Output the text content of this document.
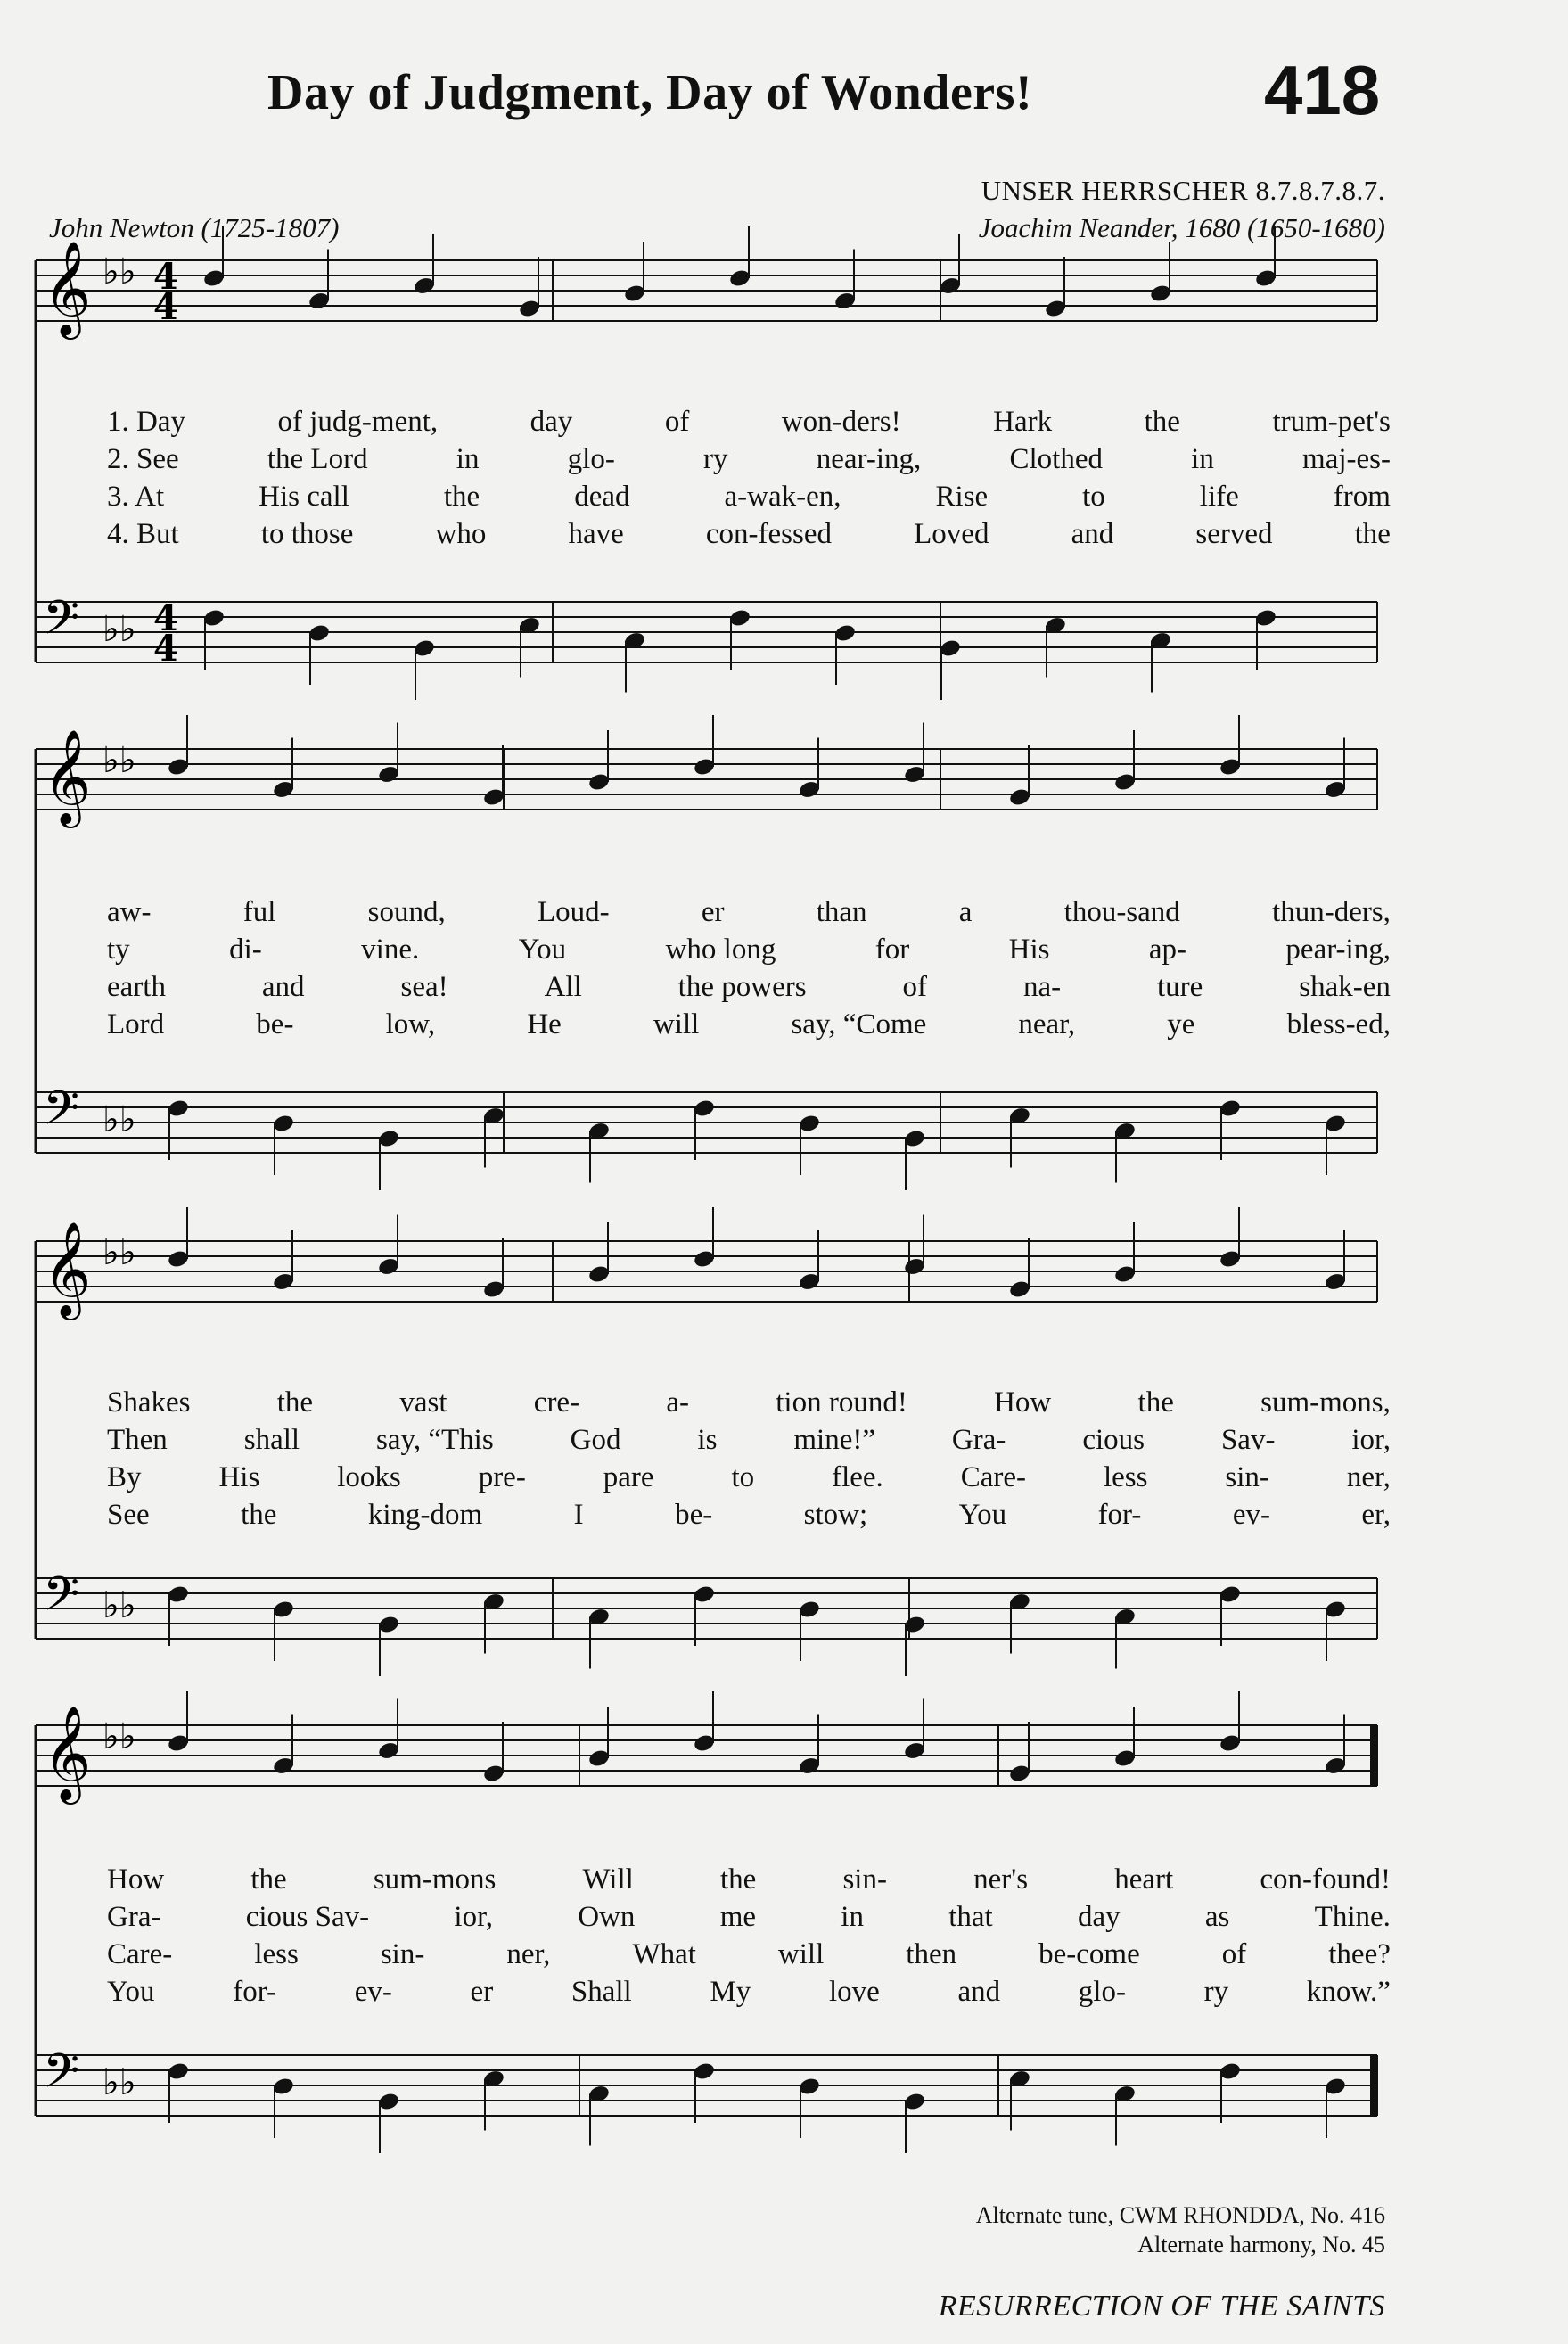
Day of Judgment, Day of Wonders!	418
UNSER HERRSCHER 8.7.8.7.8.7.
John Newton (1725-1807)	Joachim Neander, 1680 (1650-1680)
𝄞 ♭♭
𝄢 ♭♭
𝄞 ♭♭
𝄢 ♭♭
𝄞 ♭♭
𝄢 ♭♭
𝄞 ♭♭
𝄢 ♭♭
4
4
4
4
1. Day	of judg-ment,	day	of	won-ders!	Hark	the	trum-pet's
2. See	the Lord	in	glo-	ry	near-ing,	Clothed	in	maj-es-
3. At	His call	the	dead	a-wak-en,	Rise	to	life	from
4. But	to those	who	have	con-fessed	Loved	and	served	the
aw-	ful	sound,	Loud-	er	than	a	thou-sand	thun-ders,
ty	di-	vine.	You	who long	for	His	ap-	pear-ing,
earth	and	sea!	All	the powers	of	na-	ture	shak-en
Lord	be-	low,	He	will	say, “Come	near,	ye	bless-ed,
Shakes	the	vast	cre-	a-	tion round!	How	the	sum-mons,
Then	shall	say, “This	God	is	mine!”	Gra-	cious	Sav-	ior,
By	His	looks	pre-	pare	to	flee.	Care-	less	sin-	ner,
See	the	king-dom	I	be-	stow;	You	for-	ev-	er,
How	the	sum-mons	Will	the	sin-	ner's	heart	con-found!
Gra-	cious Sav-	ior,	Own	me	in	that	day	as	Thine.
Care-	less	sin-	ner,	What	will	then	be-come	of	thee?
You	for-	ev-	er	Shall	My	love	and	glo-	ry	know.”
Alternate tune, CWM RHONDDA, No. 416
Alternate harmony, No. 45
RESURRECTION OF THE SAINTS
